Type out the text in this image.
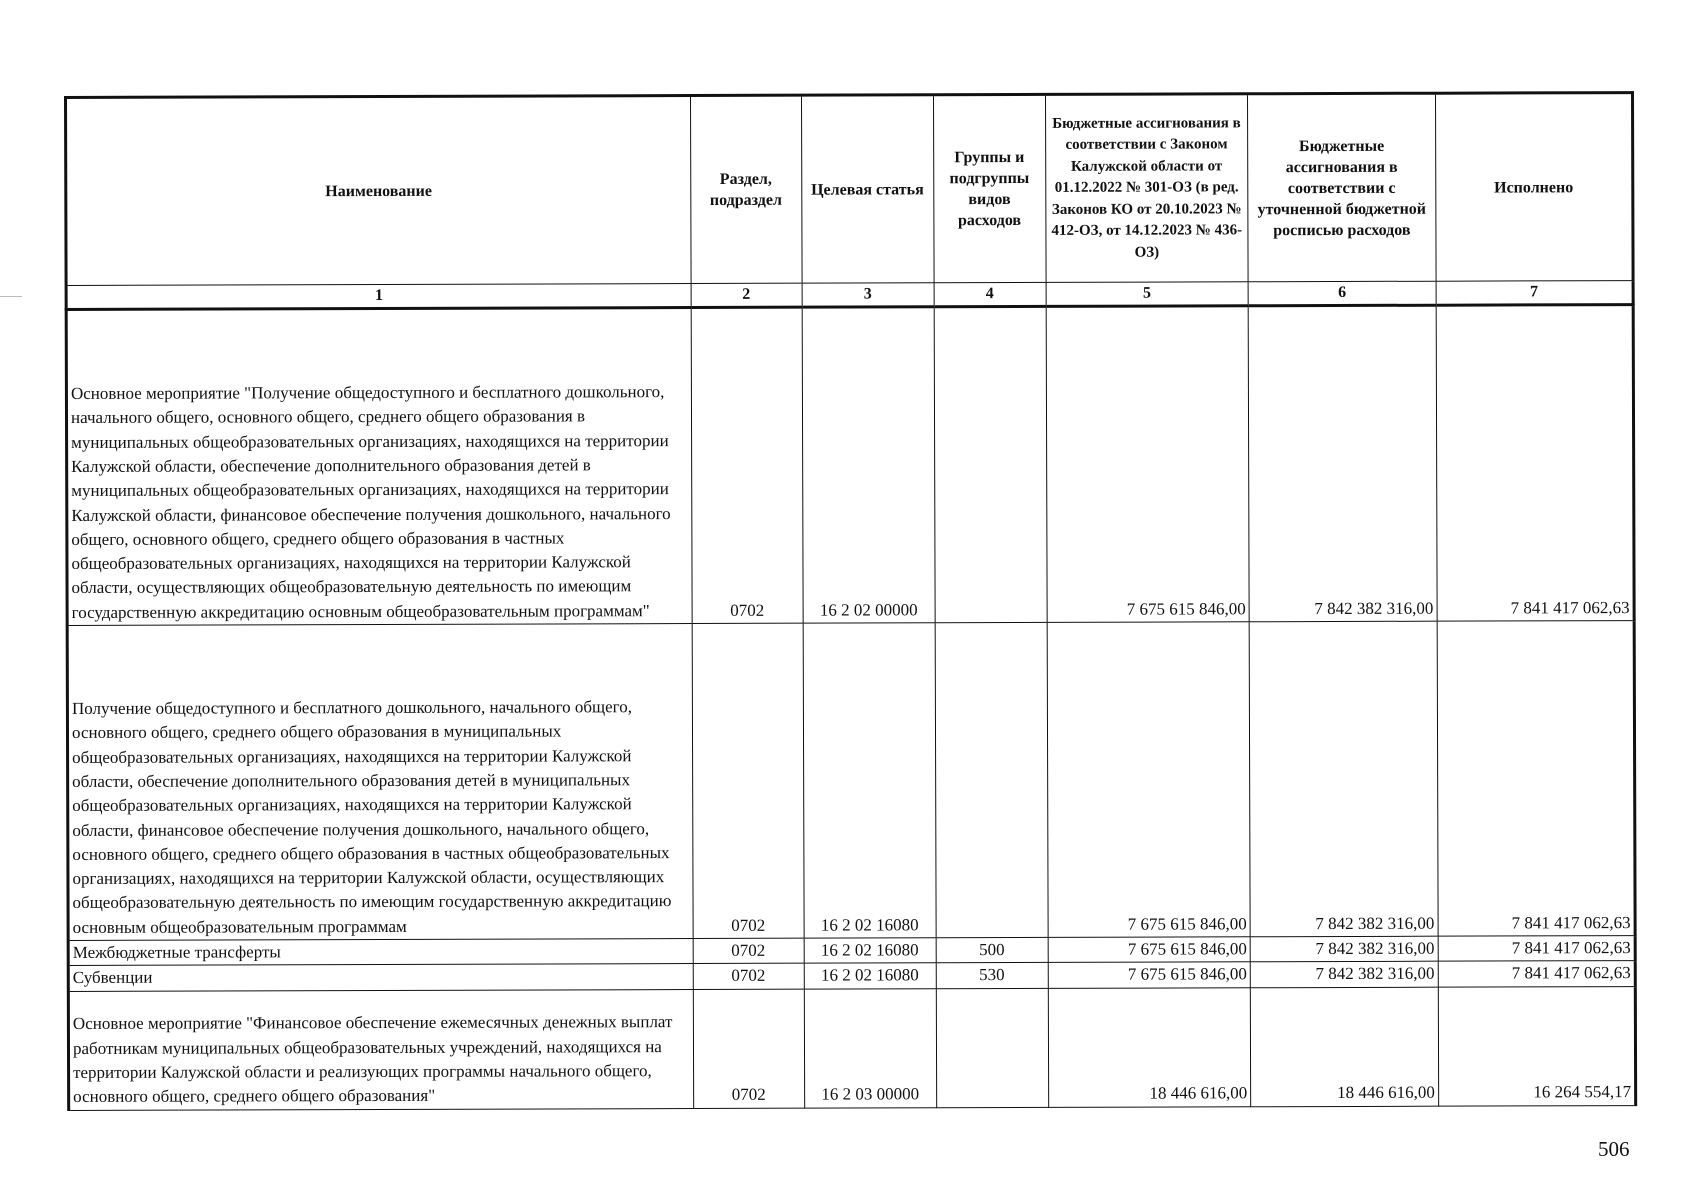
Наименование	Раздел, подраздел	Целевая статья	Группы и подгруппы видов расходов	Бюджетные ассигнования в соответствии с Законом Калужской области от 01.12.2022 № 301-ОЗ (в ред. Законов КО от 20.10.2023 № 412-ОЗ, от 14.12.2023 № 436-ОЗ)	Бюджетные ассигнования в соответствии с уточненной бюджетной росписью расходов	Исполнено
1	2	3	4	5	6	7
Основное мероприятие "Получение общедоступного и бесплатного дошкольного, начального общего, основного общего, среднего общего образования в муниципальных общеобразовательных организациях, находящихся на территории Калужской области, обеспечение дополнительного образования детей в муниципальных общеобразовательных организациях, находящихся на территории Калужской области, финансовое обеспечение получения дошкольного, начального общего, основного общего, среднего общего образования в частных общеобразовательных организациях, находящихся на территории Калужской области, осуществляющих общеобразовательную деятельность по имеющим государственную аккредитацию основным общеобразовательным программам"	0702	16 2 02 00000		7 675 615 846,00	7 842 382 316,00	7 841 417 062,63
Получение общедоступного и бесплатного дошкольного, начального общего, основного общего, среднего общего образования в муниципальных общеобразовательных организациях, находящихся на территории Калужской области, обеспечение дополнительного образования детей в муниципальных общеобразовательных организациях, находящихся на территории Калужской области, финансовое обеспечение получения дошкольного, начального общего, основного общего, среднего общего образования в частных общеобразовательных организациях, находящихся на территории Калужской области, осуществляющих общеобразовательную деятельность по имеющим государственную аккредитацию основным общеобразовательным программам	0702	16 2 02 16080		7 675 615 846,00	7 842 382 316,00	7 841 417 062,63
Межбюджетные трансферты	0702	16 2 02 16080	500	7 675 615 846,00	7 842 382 316,00	7 841 417 062,63
Субвенции	0702	16 2 02 16080	530	7 675 615 846,00	7 842 382 316,00	7 841 417 062,63
Основное мероприятие "Финансовое обеспечение ежемесячных денежных выплат работникам муниципальных общеобразовательных учреждений, находящихся на территории Калужской области и реализующих программы начального общего, основного общего, среднего общего образования"	0702	16 2 03 00000		18 446 616,00	18 446 616,00	16 264 554,17
506
